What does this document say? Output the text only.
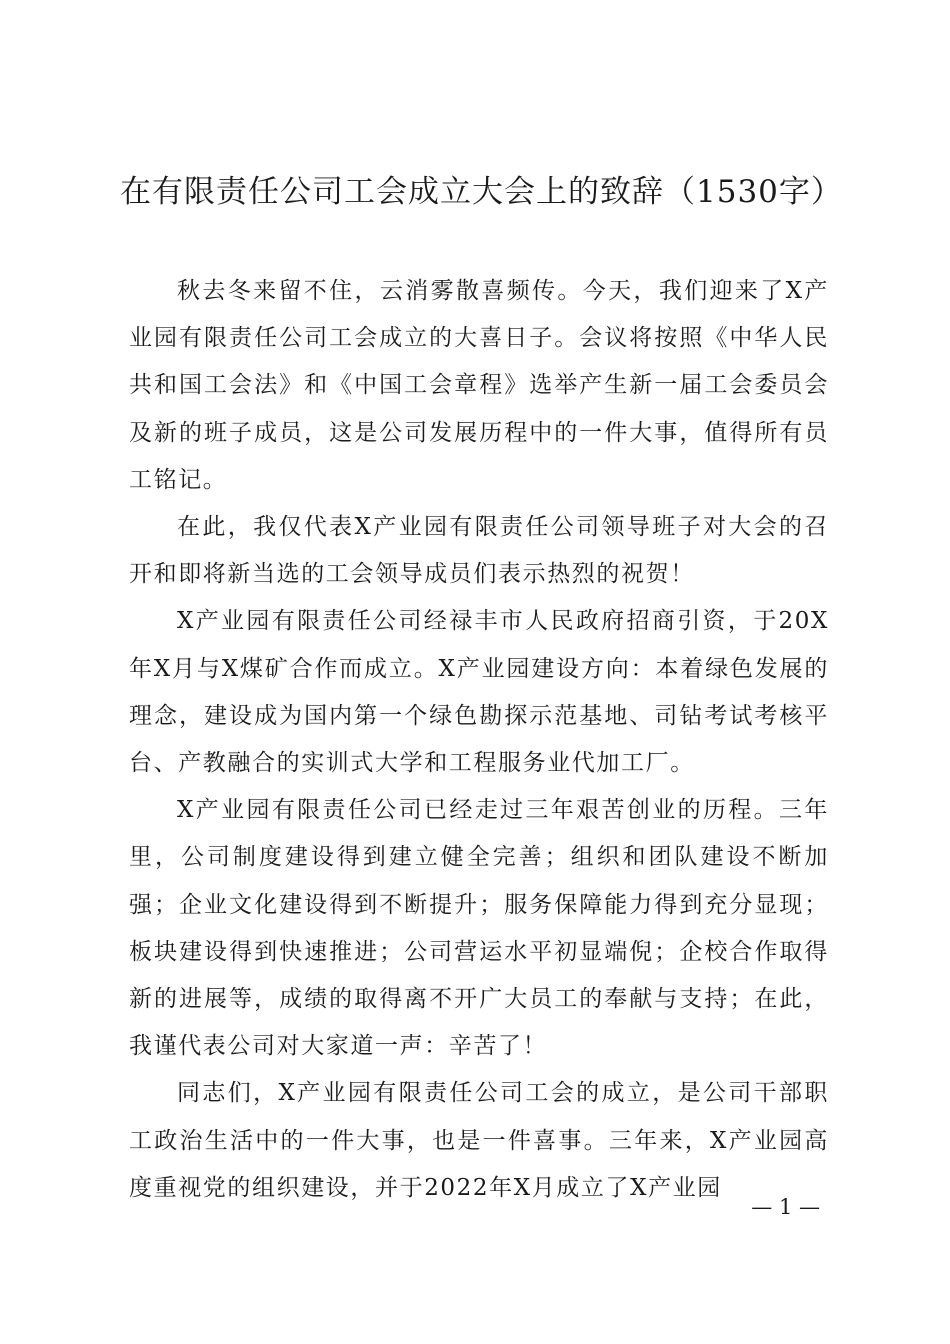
在有限责任公司工会成立大会上的致辞（1530字）

秋去冬来留不住，云消雾散喜频传。今天，我们迎来了X产业园有限责任公司工会成立的大喜日子。会议将按照《中华人民共和国工会法》和《中国工会章程》选举产生新一届工会委员会及新的班子成员，这是公司发展历程中的一件大事，值得所有员工铭记。

在此，我仅代表X产业园有限责任公司领导班子对大会的召开和即将新当选的工会领导成员们表示热烈的祝贺！

X产业园有限责任公司经禄丰市人民政府招商引资，于20X年X月与X煤矿合作而成立。X产业园建设方向：本着绿色发展的理念，建设成为国内第一个绿色勘探示范基地、司钻考试考核平台、产教融合的实训式大学和工程服务业代加工厂。

X产业园有限责任公司已经走过三年艰苦创业的历程。三年里，公司制度建设得到建立健全完善；组织和团队建设不断加强；企业文化建设得到不断提升；服务保障能力得到充分显现；板块建设得到快速推进；公司营运水平初显端倪；企校合作取得新的进展等，成绩的取得离不开广大员工的奉献与支持；在此，我谨代表公司对大家道一声：辛苦了！

同志们，X产业园有限责任公司工会的成立，是公司干部职工政治生活中的一件大事，也是一件喜事。三年来，X产业园高度重视党的组织建设，并于2022年X月成立了X产业园

— 1 —
